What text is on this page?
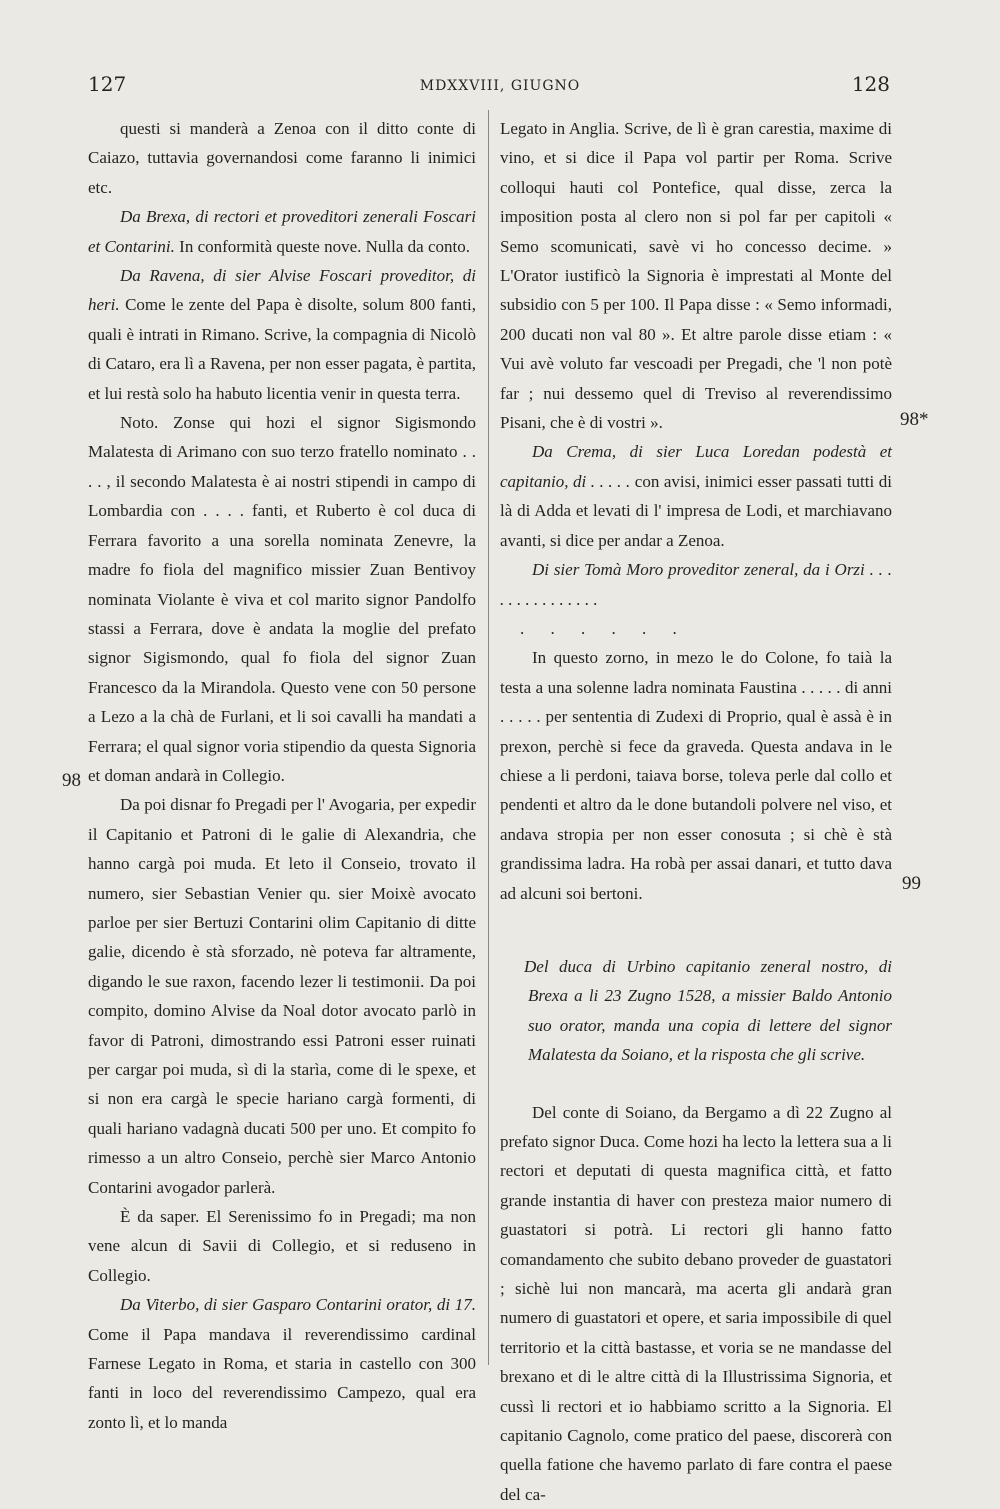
127	MDXXVIII, GIUGNO	128

questi si manderà a Zenoa con il ditto conte di Caiazo, tuttavia governandosi come faranno li inimici etc.

Da Brexa, di rectori et proveditori zenerali Foscari et Contarini. In conformità queste nove. Nulla da conto.

Da Ravena, di sier Alvise Foscari proveditor, di heri. Come le zente del Papa è disolte, solum 800 fanti, quali è intrati in Rimano. Scrive, la compagnia di Nicolò di Cataro, era lì a Ravena, per non esser pagata, è partita, et lui restà solo ha habuto licentia venir in questa terra.

Noto. Zonse qui hozi el signor Sigismondo Malatesta di Arimano con suo terzo fratello nominato . . . . , il secondo Malatesta è ai nostri stipendi in campo di Lombardia con . . . . fanti, et Ruberto è col duca di Ferrara favorito a una sorella nominata Zenevre, la madre fo fiola del magnifico missier Zuan Bentivoy nominata Violante è viva et col marito signor Pandolfo stassi a Ferrara, dove è andata la moglie del prefato signor Sigismondo, qual fo fiola del signor Zuan Francesco da la Mirandola. Questo vene con 50 persone a Lezo a la chà de Furlani, et li soi cavalli ha mandati a Ferrara; el qual signor voria stipendio da questa Signoria et doman andarà in Collegio.

Da poi disnar fo Pregadi per l' Avogaria, per expedir il Capitanio et Patroni di le galie di Alexandria, che hanno cargà poi muda. Et leto il Conseio, trovato il numero, sier Sebastian Venier qu. sier Moixè avocato parloe per sier Bertuzi Contarini olim Capitanio di ditte galie, dicendo è stà sforzado, nè poteva far altramente, digando le sue raxon, facendo lezer li testimonii. Da poi compito, domino Alvise da Noal dotor avocato parlò in favor di Patroni, dimostrando essi Patroni esser ruinati per cargar poi muda, sì di la starìa, come di le spexe, et si non era cargà le specie hariano cargà formenti, di quali hariano vadagnà ducati 500 per uno. Et compito fo rimesso a un altro Conseio, perchè sier Marco Antonio Contarini avogador parlerà.

È da saper. El Serenissimo fo in Pregadi; ma non vene alcun di Savii di Collegio, et si reduseno in Collegio.

Da Viterbo, di sier Gasparo Contarini orator, di 17. Come il Papa mandava il reverendissimo cardinal Farnese Legato in Roma, et staria in castello con 300 fanti in loco del reverendissimo Campezo, qual era zonto lì, et lo manda

Legato in Anglia. Scrive, de lì è gran carestia, maxime di vino, et si dice il Papa vol partir per Roma. Scrive colloqui hauti col Pontefice, qual disse, zerca la imposition posta al clero non si pol far per capitoli « Semo scomunicati, savè vi ho concesso decime. » L'Orator iustificò la Signoria è imprestati al Monte del subsidio con 5 per 100. Il Papa disse : « Semo informadi, 200 ducati non val 80 ». Et altre parole disse etiam : « Vui avè voluto far vescoadi per Pregadi, che 'l non potè far ; nui dessemo quel di Treviso al reverendissimo Pisani, che è di vostri ».

Da Crema, di sier Luca Loredan podestà et capitanio, di . . . . . con avisi, inimici esser passati tutti di là di Adda et levati di l' impresa de Lodi, et marchiavano avanti, si dice per andar a Zenoa.

Di sier Tomà Moro proveditor zeneral, da i Orzi . . . . . . . . . . . . . . .

. . . . . .

In questo zorno, in mezo le do Colone, fo taià la testa a una solenne ladra nominata Faustina . . . . . di anni . . . . . per sententia di Zudexi di Proprio, qual è assà è in prexon, perchè si fece da graveda. Questa andava in le chiese a li perdoni, taiava borse, toleva perle dal collo et pendenti et altro da le done butandoli polvere nel viso, et andava stropia per non esser conosuta ; si chè è stà grandissima ladra. Ha robà per assai danari, et tutto dava ad alcuni soi bertoni.

Del duca di Urbino capitanio zeneral nostro, di Brexa a li 23 Zugno 1528, a missier Baldo Antonio suo orator, manda una copia di lettere del signor Malatesta da Soiano, et la risposta che gli scrive.

Del conte di Soiano, da Bergamo a dì 22 Zugno al prefato signor Duca. Come hozi ha lecto la lettera sua a li rectori et deputati di questa magnifica città, et fatto grande instantia di haver con presteza maior numero di guastatori si potrà. Li rectori gli hanno fatto comandamento che subito debano proveder de guastatori ; sichè lui non mancarà, ma acerta gli andarà gran numero di guastatori et opere, et saria impossibile di quel territorio et la città bastasse, et voria se ne mandasse del brexano et di le altre città di la Illustrissima Signoria, et cussì li rectori et io habbiamo scritto a la Signoria. El capitanio Cagnolo, come pratico del paese, discorerà con quella fatione che havemo parlato di fare contra el paese del ca-

98
98*
99
